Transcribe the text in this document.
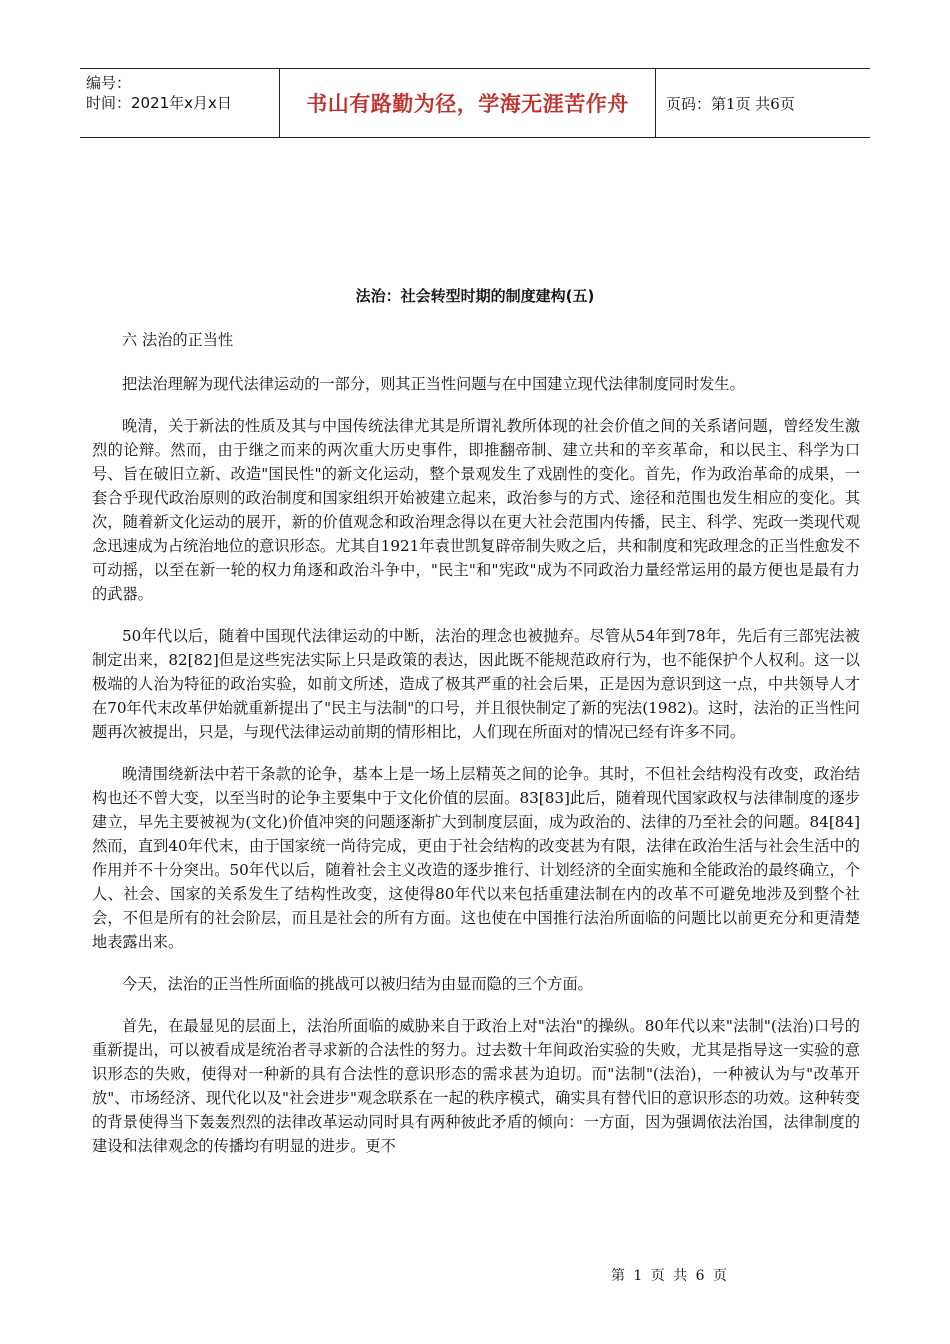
编号：
时间：2021年x月x日	书山有路勤为径，学海无涯苦作舟	页码：第1页 共6页
法治：社会转型时期的制度建构(五)

六 法治的正当性

把法治理解为现代法律运动的一部分，则其正当性问题与在中国建立现代法律制度同时发生。

晚清，关于新法的性质及其与中国传统法律尤其是所谓礼教所体现的社会价值之间的关系诸问题，曾经发生激烈的论辩。然而，由于继之而来的两次重大历史事件，即推翻帝制、建立共和的辛亥革命，和以民主、科学为口号、旨在破旧立新、改造"国民性"的新文化运动，整个景观发生了戏剧性的变化。首先，作为政治革命的成果，一套合乎现代政治原则的政治制度和国家组织开始被建立起来，政治参与的方式、途径和范围也发生相应的变化。其次，随着新文化运动的展开，新的价值观念和政治理念得以在更大社会范围内传播，民主、科学、宪政一类现代观念迅速成为占统治地位的意识形态。尤其自1921年袁世凯复辟帝制失败之后，共和制度和宪政理念的正当性愈发不可动摇，以至在新一轮的权力角逐和政治斗争中，"民主"和"宪政"成为不同政治力量经常运用的最方便也是最有力的武器。

50年代以后，随着中国现代法律运动的中断，法治的理念也被抛弃。尽管从54年到78年，先后有三部宪法被制定出来，82[82]但是这些宪法实际上只是政策的表达，因此既不能规范政府行为，也不能保护个人权利。这一以极端的人治为特征的政治实验，如前文所述，造成了极其严重的社会后果，正是因为意识到这一点，中共领导人才在70年代末改革伊始就重新提出了"民主与法制"的口号，并且很快制定了新的宪法(1982)。这时，法治的正当性问题再次被提出，只是，与现代法律运动前期的情形相比，人们现在所面对的情况已经有许多不同。

晚清围绕新法中若干条款的论争，基本上是一场上层精英之间的论争。其时，不但社会结构没有改变，政治结构也还不曾大变，以至当时的论争主要集中于文化价值的层面。83[83]此后，随着现代国家政权与法律制度的逐步建立，早先主要被视为(文化)价值冲突的问题逐渐扩大到制度层面，成为政治的、法律的乃至社会的问题。84[84]然而，直到40年代末，由于国家统一尚待完成，更由于社会结构的改变甚为有限，法律在政治生活与社会生活中的作用并不十分突出。50年代以后，随着社会主义改造的逐步推行、计划经济的全面实施和全能政治的最终确立，个人、社会、国家的关系发生了结构性改变，这使得80年代以来包括重建法制在内的改革不可避免地涉及到整个社会，不但是所有的社会阶层，而且是社会的所有方面。这也使在中国推行法治所面临的问题比以前更充分和更清楚地表露出来。

今天，法治的正当性所面临的挑战可以被归结为由显而隐的三个方面。

首先，在最显见的层面上，法治所面临的威胁来自于政治上对"法治"的操纵。80年代以来"法制"(法治)口号的重新提出，可以被看成是统治者寻求新的合法性的努力。过去数十年间政治实验的失败，尤其是指导这一实验的意识形态的失败，使得对一种新的具有合法性的意识形态的需求甚为迫切。而"法制"(法治)，一种被认为与"改革开放"、市场经济、现代化以及"社会进步"观念联系在一起的秩序模式，确实具有替代旧的意识形态的功效。这种转变的背景使得当下轰轰烈烈的法律改革运动同时具有两种彼此矛盾的倾向：一方面，因为强调依法治国，法律制度的建设和法律观念的传播均有明显的进步。更不

第 1 页 共 6 页
